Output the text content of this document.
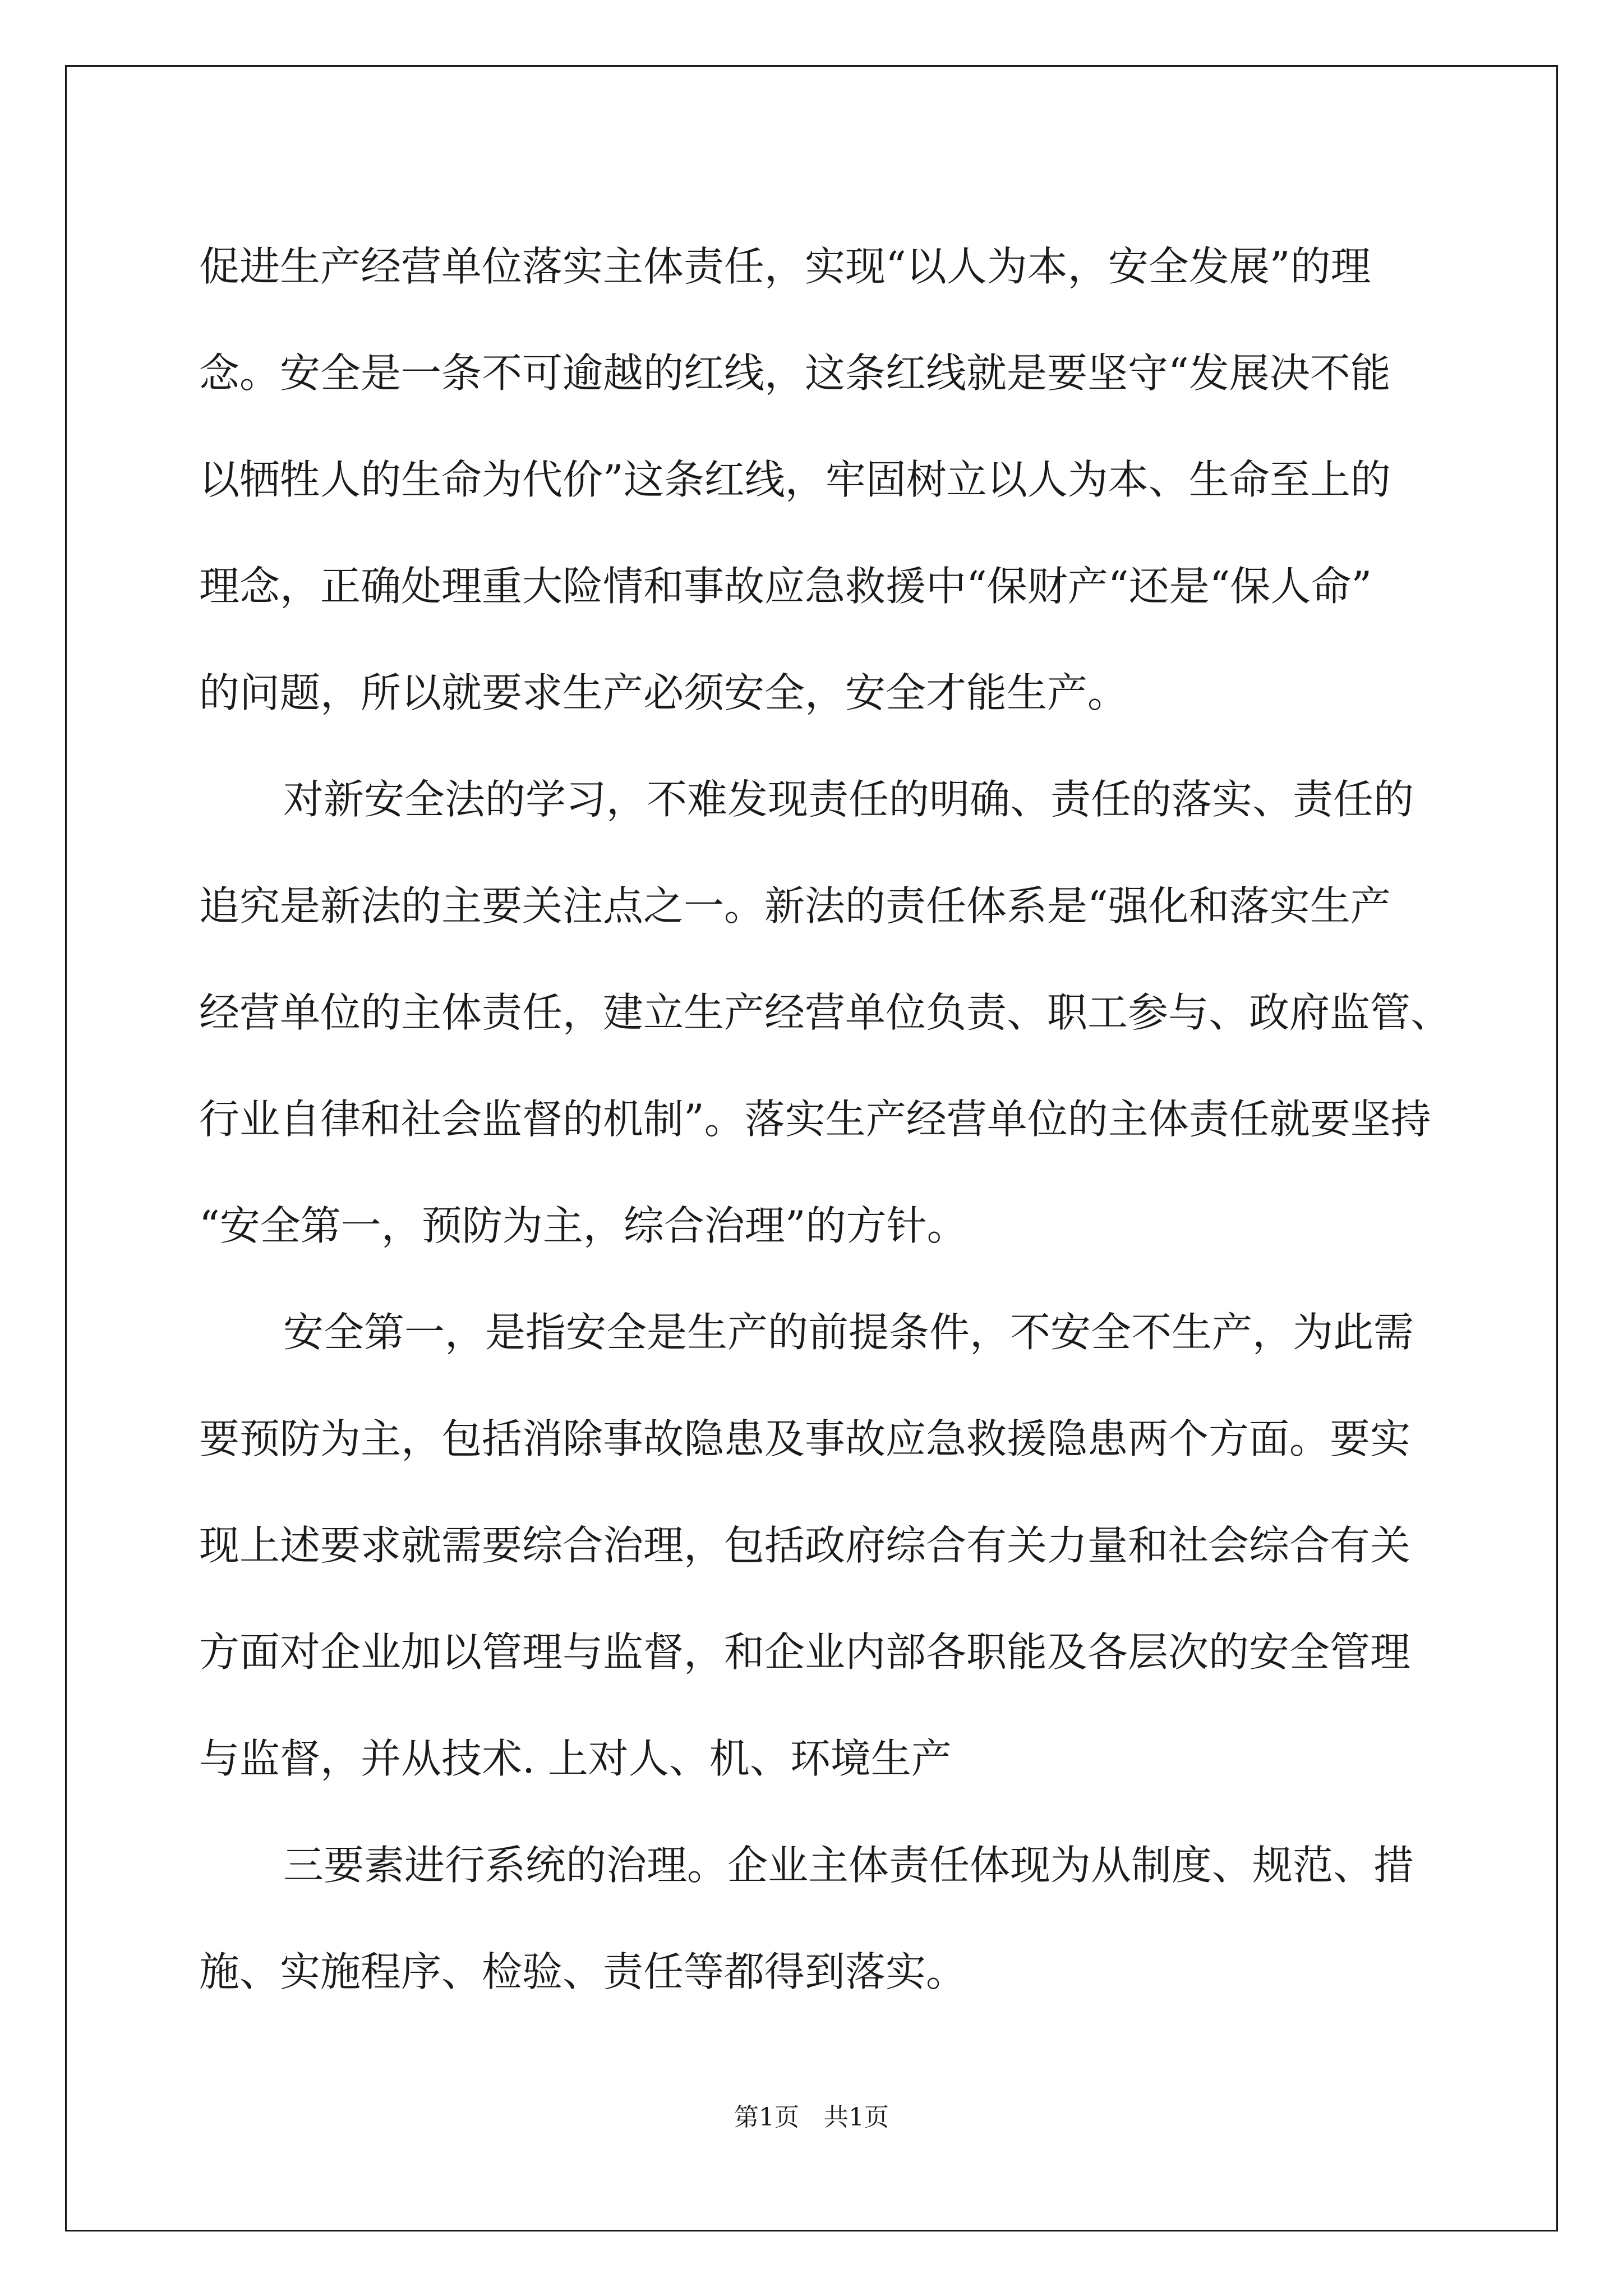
促进生产经营单位落实主体责任，实现“以人为本，安全发展”的理
念。安全是一条不可逾越的红线，这条红线就是要坚守“发展决不能
以牺牲人的生命为代价”这条红线，牢固树立以人为本、生命至上的
理念，正确处理重大险情和事故应急救援中“保财产“还是“保人命”
的问题，所以就要求生产必须安全，安全才能生产。
对新安全法的学习，不难发现责任的明确、责任的落实、责任的
追究是新法的主要关注点之一。新法的责任体系是“强化和落实生产
经营单位的主体责任，建立生产经营单位负责、职工参与、政府监管、
行业自律和社会监督的机制”。落实生产经营单位的主体责任就要坚持
“安全第一，预防为主，综合治理”的方针。
安全第一，是指安全是生产的前提条件，不安全不生产，为此需
要预防为主，包括消除事故隐患及事故应急救援隐患两个方面。要实
现上述要求就需要综合治理，包括政府综合有关力量和社会综合有关
方面对企业加以管理与监督，和企业内部各职能及各层次的安全管理
与监督，并从技术. 上对人、机、环境生产
三要素进行系统的治理。企业主体责任体现为从制度、规范、措
施、实施程序、检验、责任等都得到落实。
第1页　共1页
